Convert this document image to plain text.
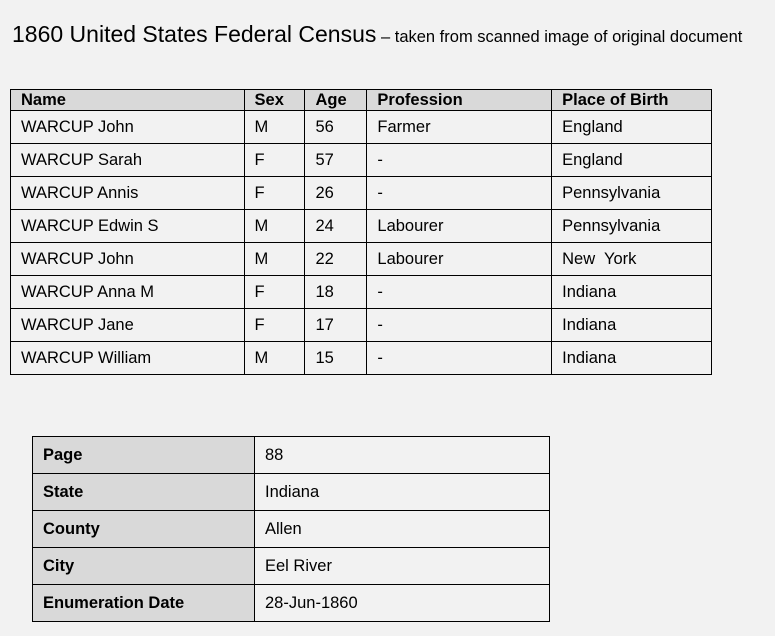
1860 United States Federal Census – taken from scanned image of original document
Name	Sex	Age	Profession	Place of Birth
WARCUP John	M	56	Farmer	England
WARCUP Sarah	F	57	-	England
WARCUP Annis	F	26	-	Pennsylvania
WARCUP Edwin S	M	24	Labourer	Pennsylvania
WARCUP John	M	22	Labourer	New  York
WARCUP Anna M	F	18	-	Indiana
WARCUP Jane	F	17	-	Indiana
WARCUP William	M	15	-	Indiana
Page	88
State	Indiana
County	Allen
City	Eel River
Enumeration Date	28-Jun-1860
